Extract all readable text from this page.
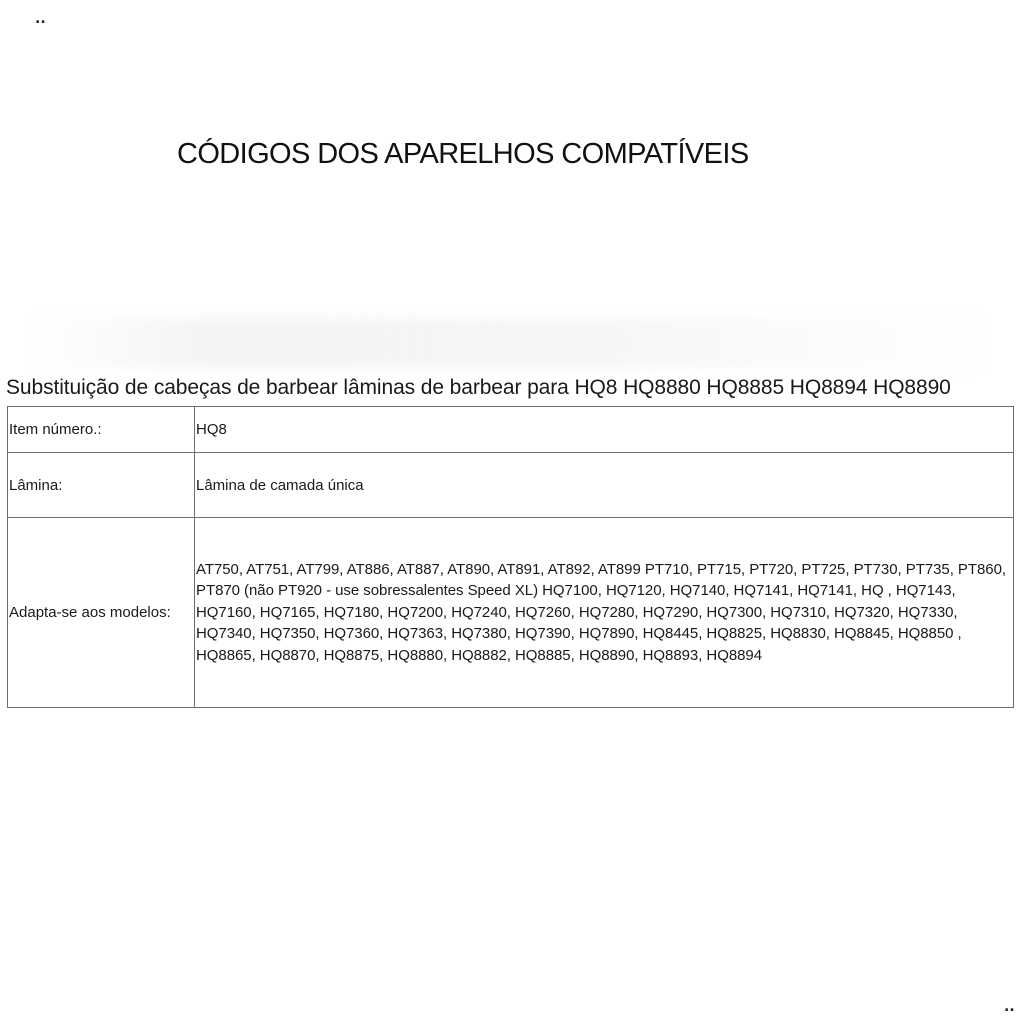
..
CÓDIGOS DOS APARELHOS COMPATÍVEIS
Substituição de cabeças de barbear lâminas de barbear para HQ8 HQ8880 HQ8885 HQ8894 HQ8890
Item número.:	HQ8
Lâmina:	Lâmina de camada única
Adapta-se aos modelos:	AT750, AT751, AT799, AT886, AT887, AT890, AT891, AT892, AT899 PT710, PT715, PT720, PT725, PT730, PT735, PT860, PT870 (não PT920 - use sobressalentes Speed XL) HQ7100, HQ7120, HQ7140, HQ7141, HQ7141, HQ , HQ7143, HQ7160, HQ7165, HQ7180, HQ7200, HQ7240, HQ7260, HQ7280, HQ7290, HQ7300, HQ7310, HQ7320, HQ7330, HQ7340, HQ7350, HQ7360, HQ7363, HQ7380, HQ7390, HQ7890, HQ8445, HQ8825, HQ8830, HQ8845, HQ8850 , HQ8865, HQ8870, HQ8875, HQ8880, HQ8882, HQ8885, HQ8890, HQ8893, HQ8894
..
